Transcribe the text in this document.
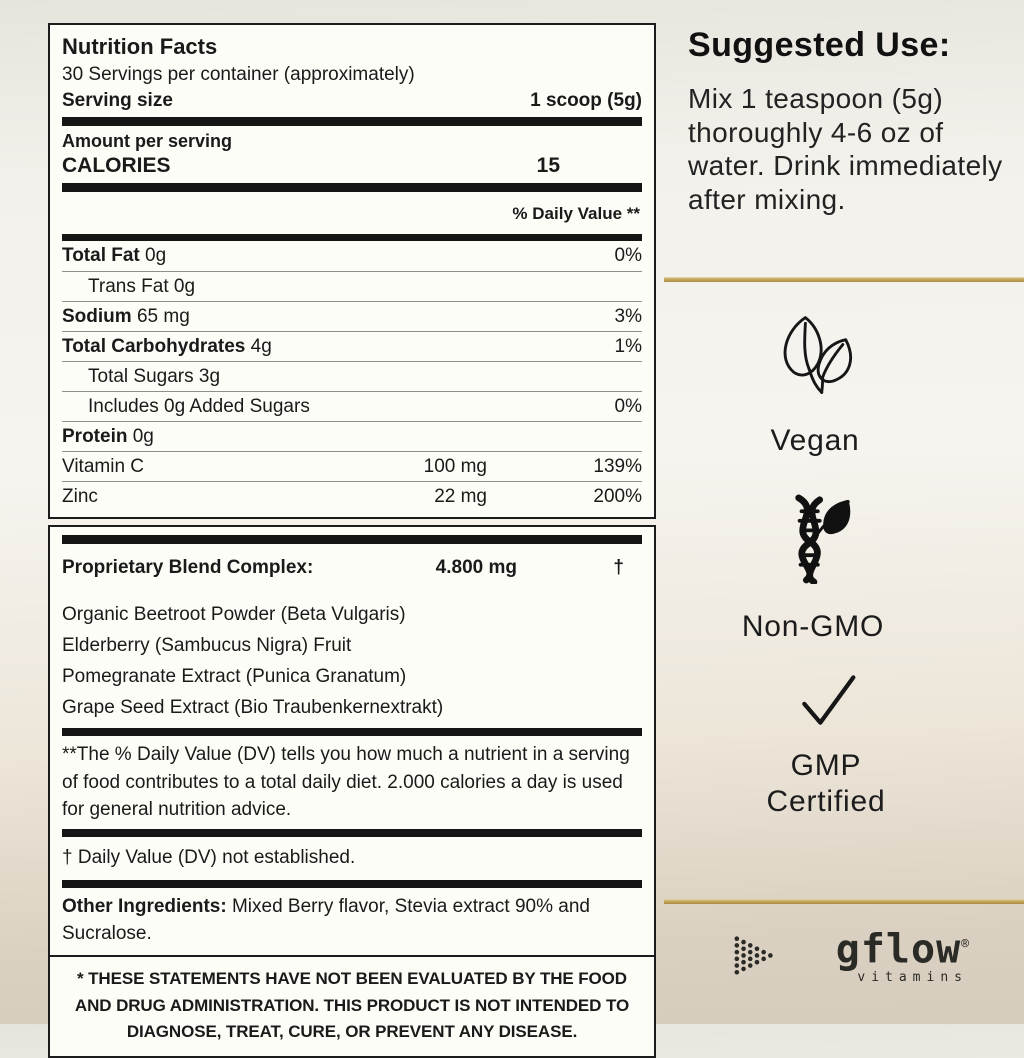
Nutrition Facts
30 Servings per container (approximately)
Serving size	1 scoop (5g)
Amount per serving
CALORIES	15
% Daily Value **
Total Fat 0g	0%
Trans Fat 0g
Sodium 65 mg	3%
Total Carbohydrates 4g	1%
Total Sugars 3g
Includes 0g Added Sugars	0%
Protein 0g
Vitamin C	100 mg	139%
Zinc	22 mg	200%
Proprietary Blend Complex:	4.800 mg	†
Organic Beetroot Powder (Beta Vulgaris)
Elderberry (Sambucus Nigra) Fruit
Pomegranate Extract (Punica Granatum)
Grape Seed Extract (Bio Traubenkernextrakt)
**The % Daily Value (DV) tells you how much a nutrient in a serving of food contributes to a total daily diet. 2.000 calories a day is used for general nutrition advice.
† Daily Value (DV) not established.
Other Ingredients: Mixed Berry flavor, Stevia extract 90% and Sucralose.
* THESE STATEMENTS HAVE NOT BEEN EVALUATED BY THE FOOD AND DRUG ADMINISTRATION. THIS PRODUCT IS NOT INTENDED TO DIAGNOSE, TREAT, CURE, OR PREVENT ANY DISEASE.
Suggested Use:

Mix 1 teaspoon (5g) thoroughly 4-6 oz of water. Drink immediately after mixing.

Vegan
Non-GMO
GMP Certified
gflow®
vitamins
